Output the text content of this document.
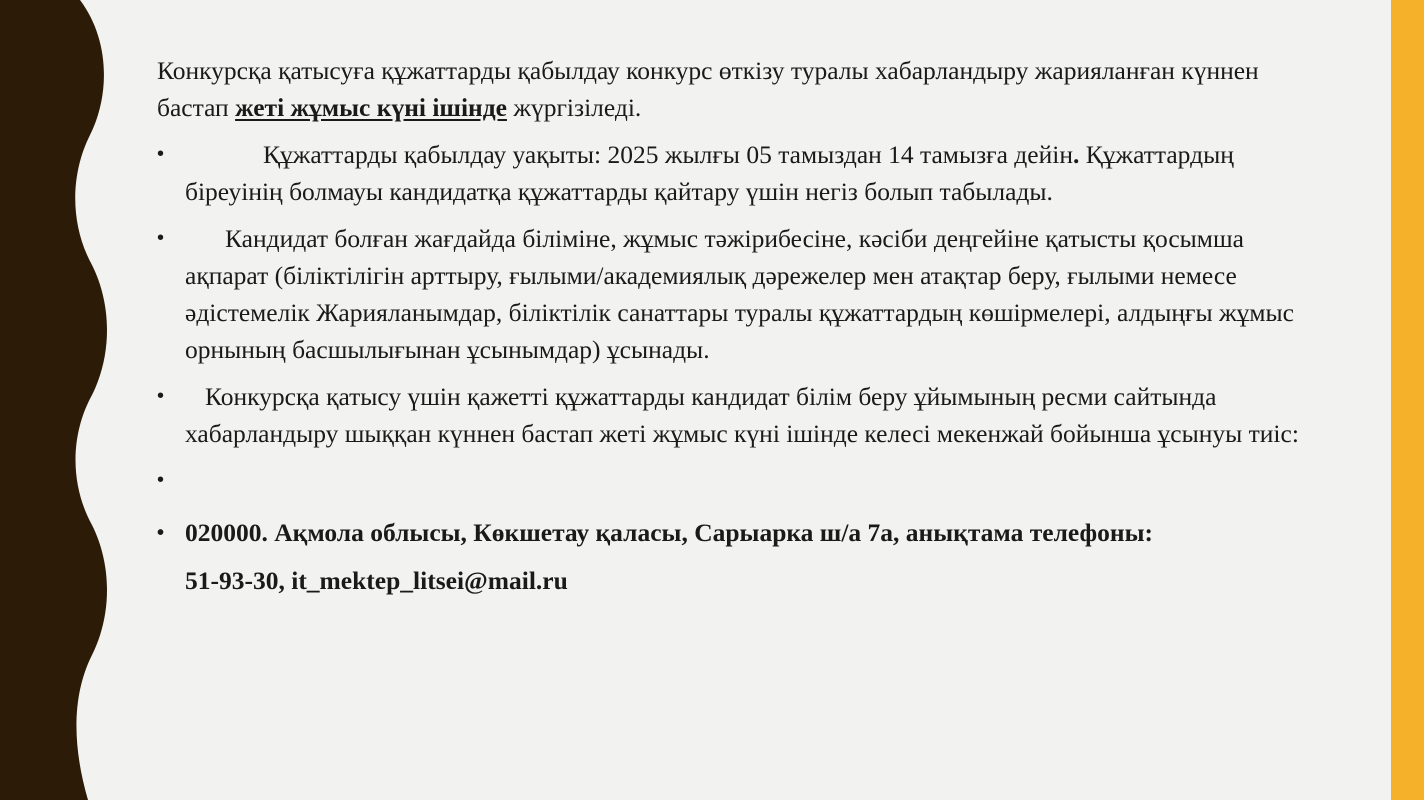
Конкурсқа қатысуға құжаттарды қабылдау конкурс өткізу туралы хабарландыру жарияланған күннен бастап жеті жұмыс күні ішінде жүргізіледі.

• Құжаттарды қабылдау уақыты: 2025 жылғы 05 тамыздан 14 тамызға дейін. Құжаттардың біреуінің болмауы кандидатқа құжаттарды қайтару үшін негіз болып табылады.
• Кандидат болған жағдайда біліміне, жұмыс тәжірибесіне, кәсіби деңгейіне қатысты қосымша ақпарат (біліктілігін арттыру, ғылыми/академиялық дәрежелер мен атақтар беру, ғылыми немесе әдістемелік Жарияланымдар, біліктілік санаттары туралы құжаттардың көшірмелері, алдыңғы жұмыс орнының басшылығынан ұсынымдар) ұсынады.
• Конкурсқа қатысу үшін қажетті құжаттарды кандидат білім беру ұйымының ресми сайтында хабарландыру шыққан күннен бастап жеті жұмыс күні ішінде келесі мекенжай бойынша ұсынуы тиіс:
•
• 020000. Ақмола облысы, Көкшетау қаласы, Сарыарка ш/а 7а, анықтама телефоны:
51-93-30, it_mektep_litsei@mail.ru
